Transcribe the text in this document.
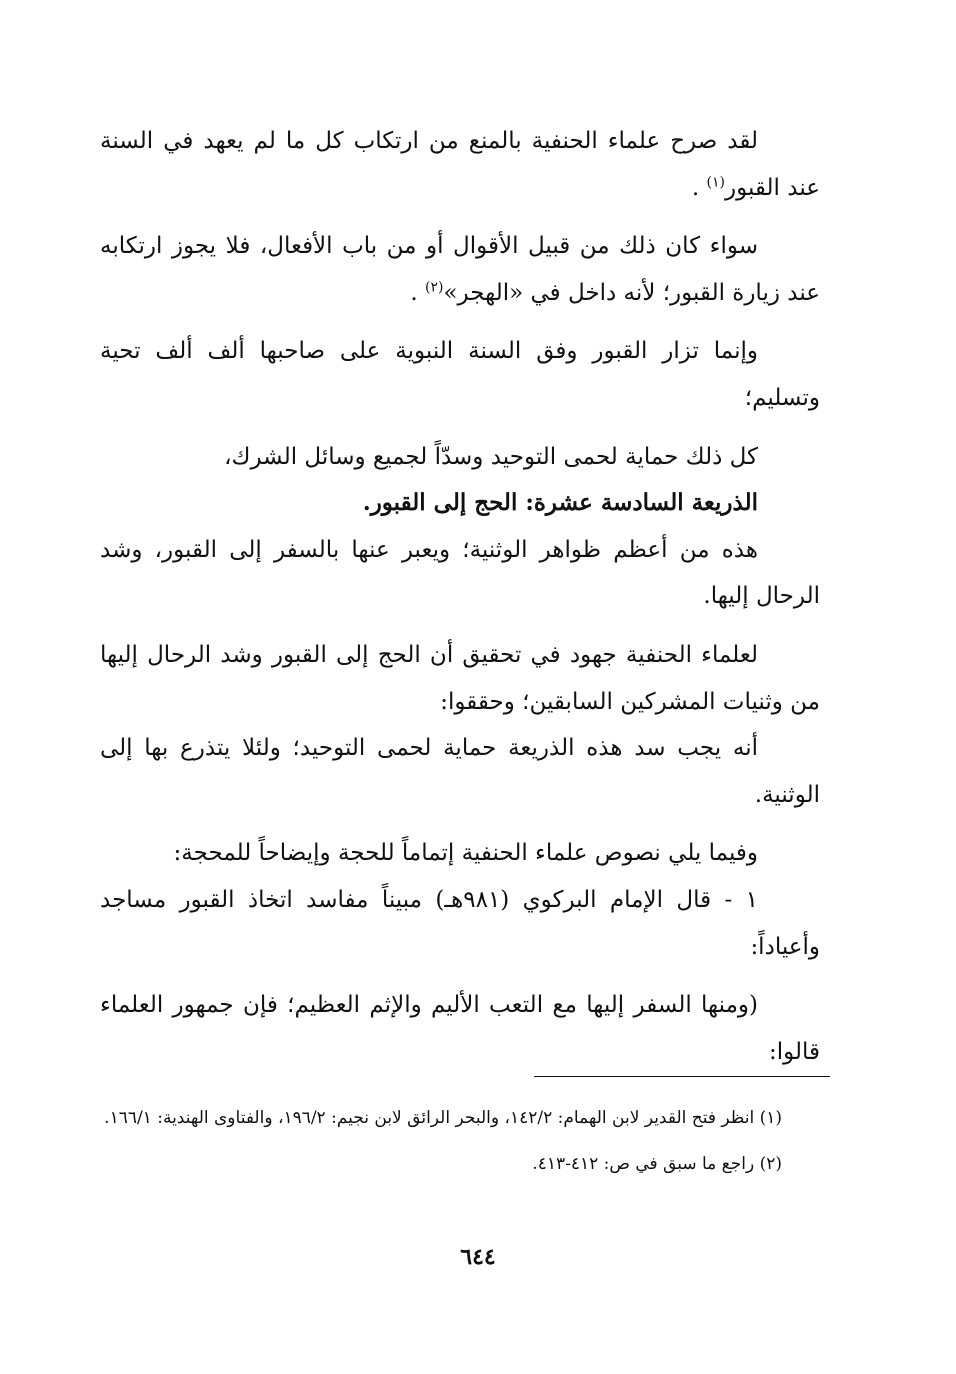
لقد صرح علماء الحنفية بالمنع من ارتكاب كل ما لم يعهد في السنة عند القبور$^{(١)}$ .

سواء كان ذلك من قبيل الأقوال أو من باب الأفعال، فلا يجوز ارتكابه عند زيارة القبور؛ لأنه داخل في «الهجر»$^{(٢)}$ .

وإنما تزار القبور وفق السنة النبوية على صاحبها ألف ألف تحية وتسليم؛

كل ذلك حماية لحمى التوحيد وسدّاً لجميع وسائل الشرك،

الذريعة السادسة عشرة: الحج إلى القبور.

هذه من أعظم ظواهر الوثنية؛ ويعبر عنها بالسفر إلى القبور، وشد الرحال إليها.

لعلماء الحنفية جهود في تحقيق أن الحج إلى القبور وشد الرحال إليها من وثنيات المشركين السابقين؛ وحققوا:

أنه يجب سد هذه الذريعة حماية لحمى التوحيد؛ ولئلا يتذرع بها إلى الوثنية.

وفيما يلي نصوص علماء الحنفية إتماماً للحجة وإيضاحاً للمحجة:

١ - قال الإمام البركوي (٩٨١هـ) مبيناً مفاسد اتخاذ القبور مساجد وأعياداً:

(ومنها السفر إليها مع التعب الأليم والإثم العظيم؛ فإن جمهور العلماء قالوا:

(١) انظر فتح القدير لابن الهمام: ١٤٢/٢، والبحر الرائق لابن نجيم: ١٩٦/٢، والفتاوى الهندية: ١٦٦/١.

(٢) راجع ما سبق في ص: ٤١٢-٤١٣.

٦٤٤
